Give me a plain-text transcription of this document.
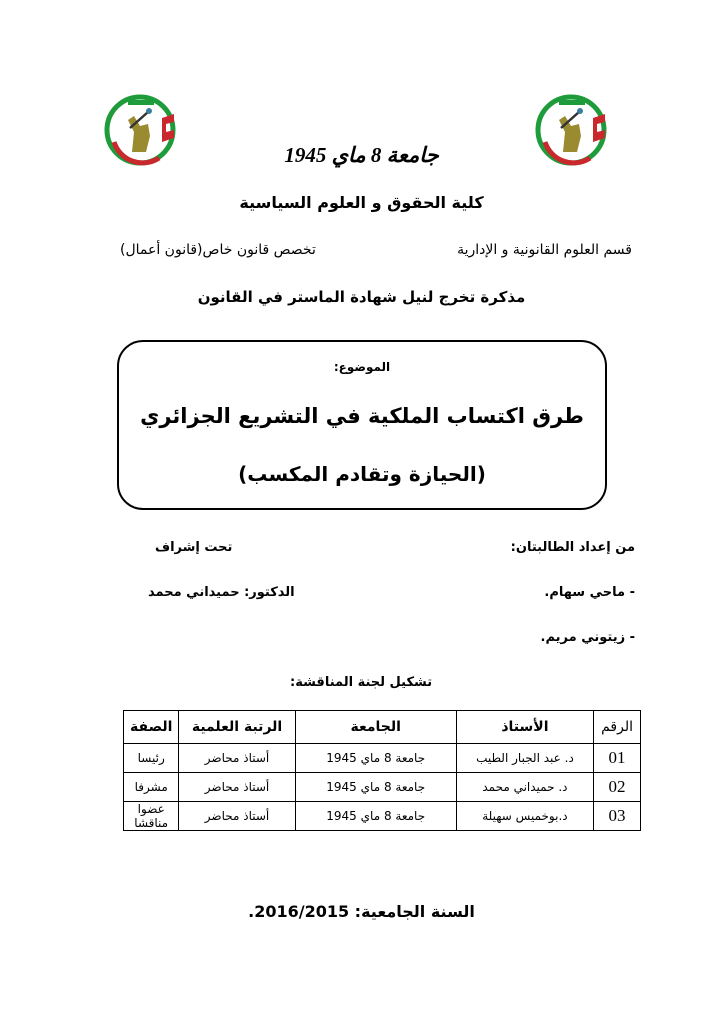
جامعة 8 ماي 1945
كلية الحقوق و العلوم السياسية
تخصص قانون خاص(قانون أعمال)	قسم العلوم القانونية و الإدارية
مذكرة تخرج لنيل شهادة الماستر في القانون
الموضوع:
طرق اكتساب الملكية في التشريع الجزائري
(الحيازة وتقادم المكسب)
من إعداد الطالبتان:
تحت إشراف
- ماحي سهام.
الدكتور: حميداني محمد
- زيتوني مريم.
تشكيل لجنة المناقشة:
الرقم	الأستاذ	الجامعة	الرتبة العلمية	الصفة
01	د. عبد الجبار الطيب	جامعة 8 ماي 1945	أستاذ محاضر	رئيسا
02	د. حميداني محمد	جامعة 8 ماي 1945	أستاذ محاضر	مشرفا
03	د.بوخميس سهيلة	جامعة 8 ماي 1945	أستاذ محاضر	عضوا مناقشا
السنة الجامعية: 2016/2015.
